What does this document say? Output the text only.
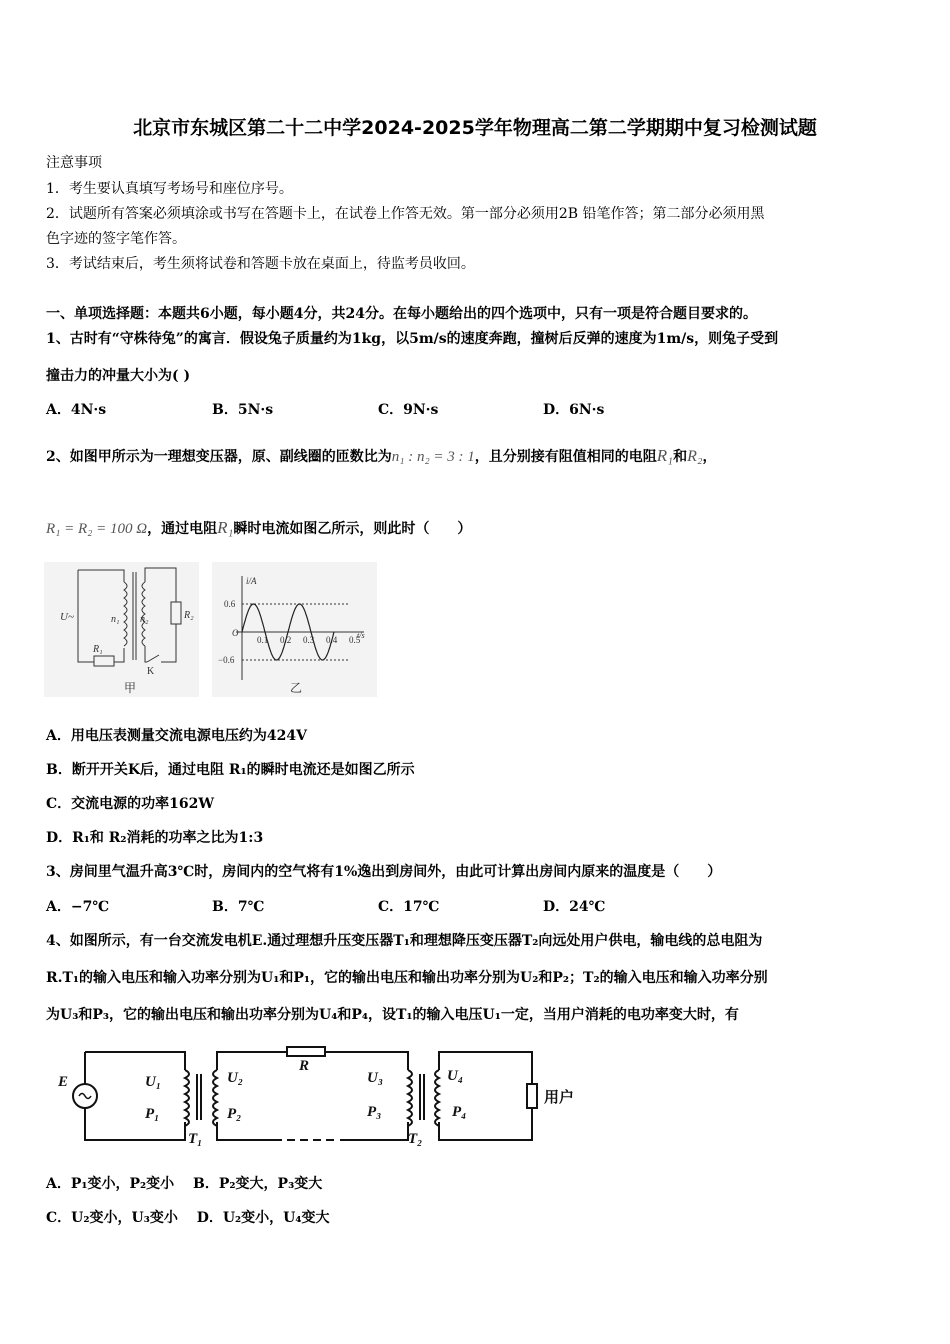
北京市东城区第二十二中学2024-2025学年物理高二第二学期期中复习检测试题
注意事项
1．考生要认真填写考场号和座位序号。
2．试题所有答案必须填涂或书写在答题卡上，在试卷上作答无效。第一部分必须用2B 铅笔作答；第二部分必须用黑
色字迹的签字笔作答。
3．考试结束后，考生须将试卷和答题卡放在桌面上，待监考员收回。
一、单项选择题：本题共6小题，每小题4分，共24分。在每小题给出的四个选项中，只有一项是符合题目要求的。
1、古时有“守株待兔”的寓言．假设兔子质量约为1kg，以5m/s的速度奔跑，撞树后反弹的速度为1m/s，则兔子受到
撞击力的冲量大小为( )
A．4N·s	B．5N·s	C．9N·s	D．6N·s
2、如图甲所示为一理想变压器，原、副线圈的匝数比为n₁ : n₂ = 3 : 1，且分别接有阻值相同的电阻R₁和R₂，
R₁ = R₂ = 100 Ω，通过电阻R₁瞬时电流如图乙所示，则此时（　　）
U~	n₁ n₂
R₁
R₂
K
甲
0.6
−0.6
0.1 0.2 0.3 0.4 0.5
i/A
t/s
O
乙
A．用电压表测量交流电源电压约为424V
B．断开开关K后，通过电阻 R₁的瞬时电流还是如图乙所示
C．交流电源的功率162W
D．R₁和 R₂消耗的功率之比为1:3
3、房间里气温升高3℃时，房间内的空气将有1%逸出到房间外，由此可计算出房间内原来的温度是（　　）
A．−7℃	B．7℃	C．17℃	D．24℃
4、如图所示，有一台交流发电机E.通过理想升压变压器T₁和理想降压变压器T₂向远处用户供电，输电线的总电阻为
R.T₁的输入电压和输入功率分别为U₁和P₁，它的输出电压和输出功率分别为U₂和P₂；T₂的输入电压和输入功率分别
为U₃和P₃，它的输出电压和输出功率分别为U₄和P₄，设T₁的输入电压U₁一定，当用户消耗的电功率变大时，有
E	U₁
P₁
U₂
P₂
R
U₃
P₃
U₄
P₄
T₁	T₂
用户
A．P₁变小，P₂变小　 B．P₂变大，P₃变大
C．U₂变小，U₃变小　 D．U₂变小，U₄变大
